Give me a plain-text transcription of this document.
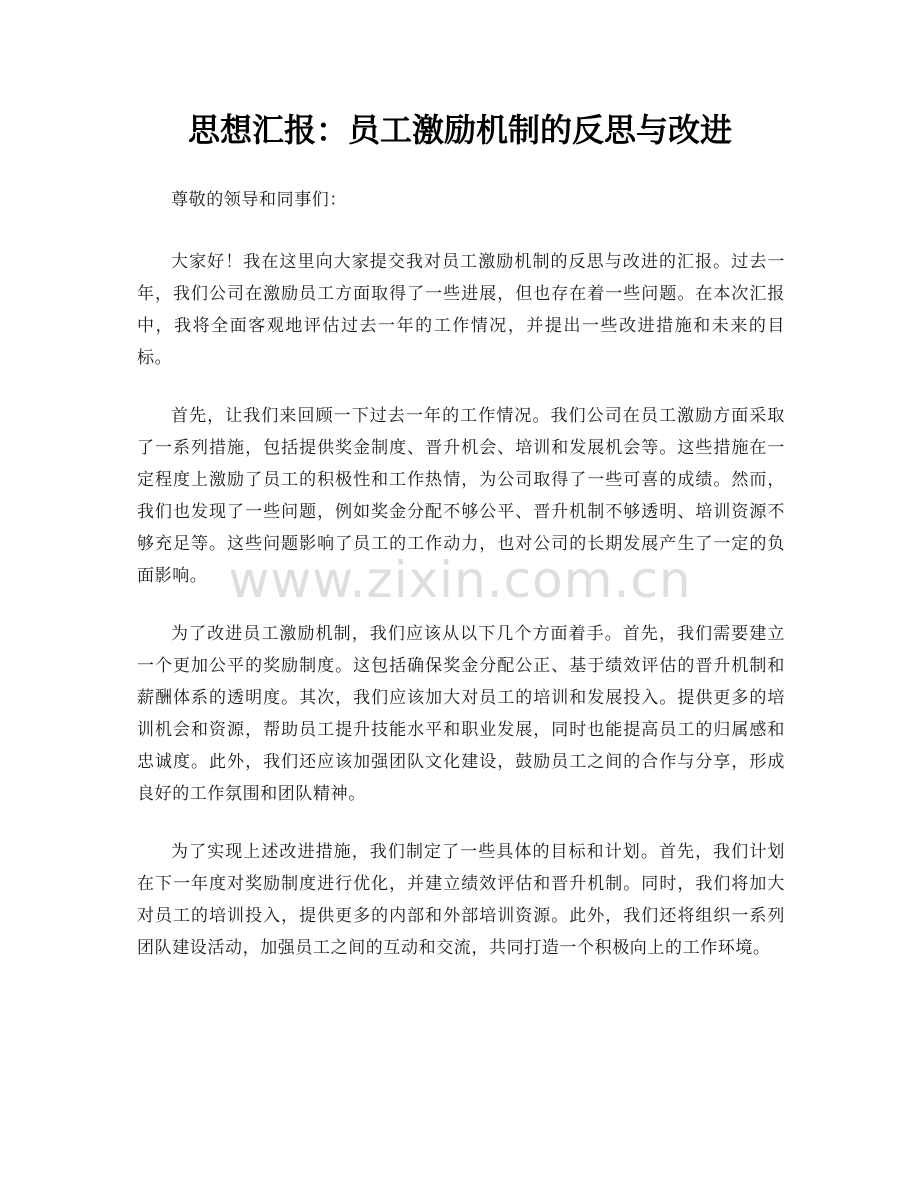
思想汇报：员工激励机制的反思与改进

尊敬的领导和同事们：

大家好！我在这里向大家提交我对员工激励机制的反思与改进的汇报。过去一年，我们公司在激励员工方面取得了一些进展，但也存在着一些问题。在本次汇报中，我将全面客观地评估过去一年的工作情况，并提出一些改进措施和未来的目标。

首先，让我们来回顾一下过去一年的工作情况。我们公司在员工激励方面采取了一系列措施，包括提供奖金制度、晋升机会、培训和发展机会等。这些措施在一定程度上激励了员工的积极性和工作热情，为公司取得了一些可喜的成绩。然而，我们也发现了一些问题，例如奖金分配不够公平、晋升机制不够透明、培训资源不够充足等。这些问题影响了员工的工作动力，也对公司的长期发展产生了一定的负面影响。

为了改进员工激励机制，我们应该从以下几个方面着手。首先，我们需要建立一个更加公平的奖励制度。这包括确保奖金分配公正、基于绩效评估的晋升机制和薪酬体系的透明度。其次，我们应该加大对员工的培训和发展投入。提供更多的培训机会和资源，帮助员工提升技能水平和职业发展，同时也能提高员工的归属感和忠诚度。此外，我们还应该加强团队文化建设，鼓励员工之间的合作与分享，形成良好的工作氛围和团队精神。

为了实现上述改进措施，我们制定了一些具体的目标和计划。首先，我们计划在下一年度对奖励制度进行优化，并建立绩效评估和晋升机制。同时，我们将加大对员工的培训投入，提供更多的内部和外部培训资源。此外，我们还将组织一系列团队建设活动，加强员工之间的互动和交流，共同打造一个积极向上的工作环境。

www.zixin.com.cn
